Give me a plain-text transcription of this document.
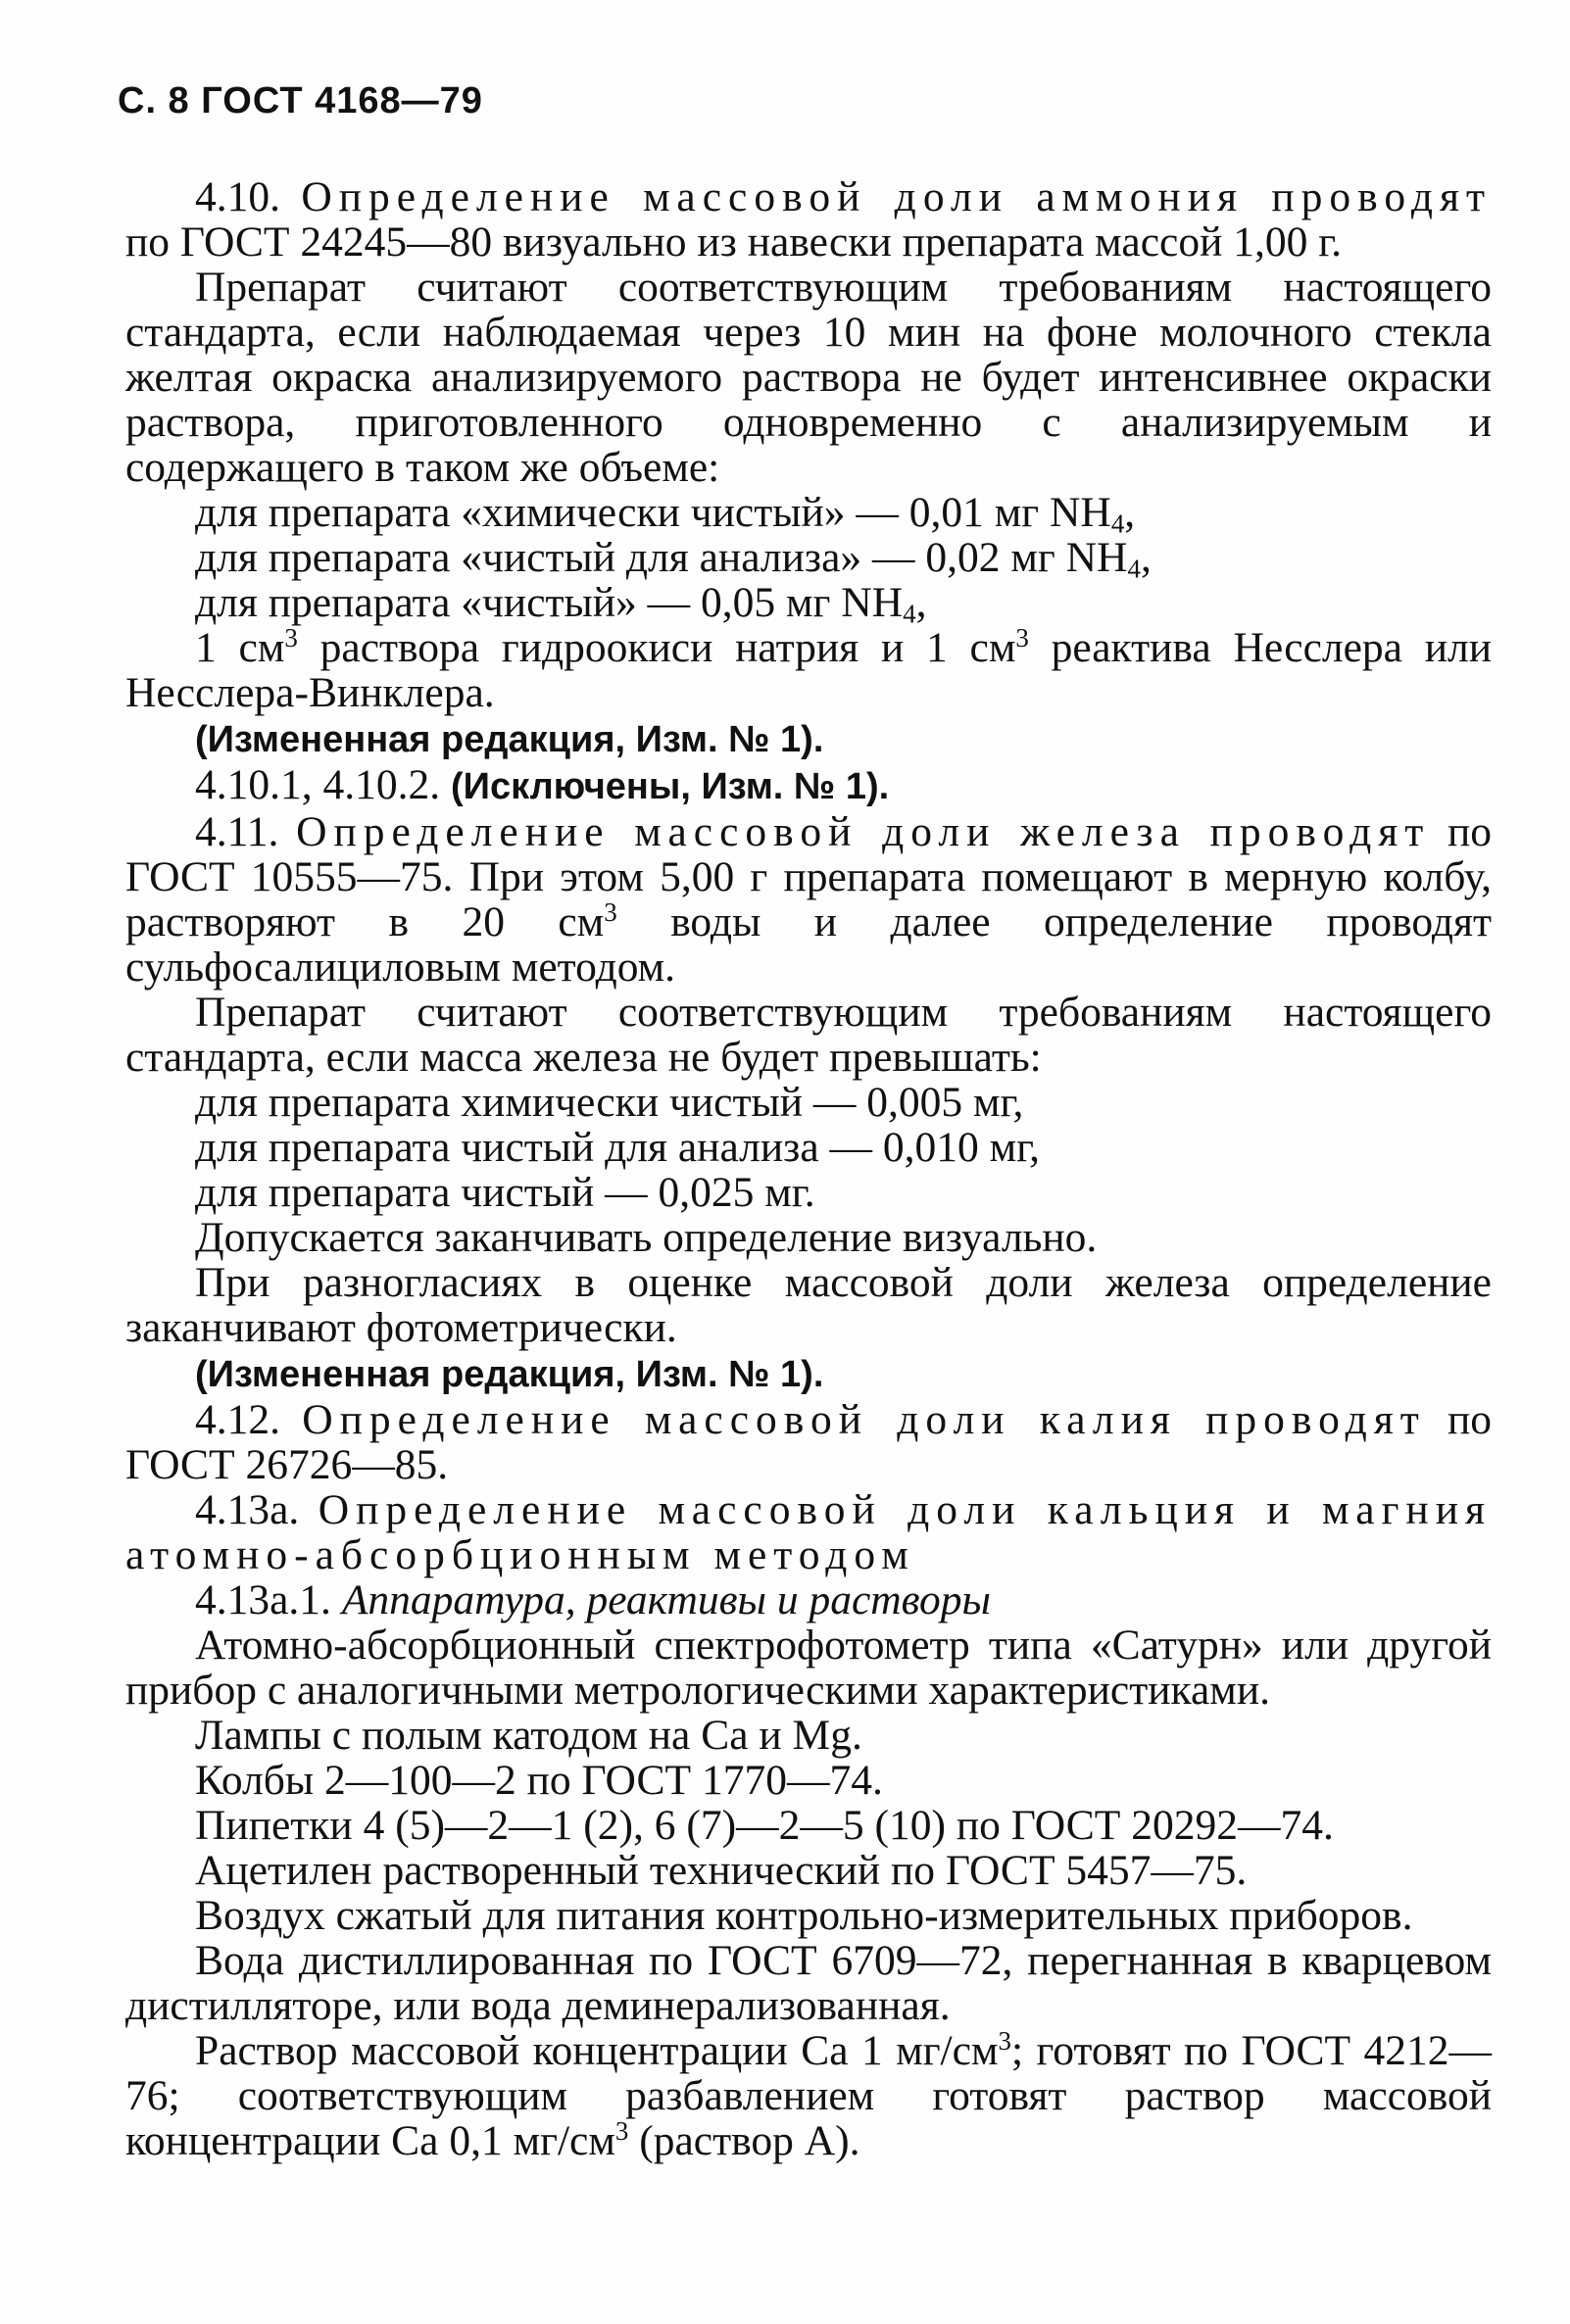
С. 8 ГОСТ 4168—79

4.10. Определение массовой доли аммония проводят по ГОСТ 24245—80 визуально из навески препарата массой 1,00 г.

Препарат считают соответствующим требованиям настоящего стандарта, если наблюдаемая через 10 мин на фоне молочного стекла желтая окраска анализируемого раствора не будет интенсивнее окраски раствора, приготовленного одновременно с анализируемым и содержащего в таком же объеме:

для препарата «химически чистый» — 0,01 мг $NH_4$,

для препарата «чистый для анализа» — 0,02 мг $NH_4$,

для препарата «чистый» — 0,05 мг $NH_4$,

1 $см^3$ раствора гидроокиси натрия и 1 $см^3$ реактива Несслера или Несслера-Винклера.

(Измененная редакция, Изм. № 1).

4.10.1, 4.10.2. (Исключены, Изм. № 1).

4.11. Определение массовой доли железа проводят по ГОСТ 10555—75. При этом 5,00 г препарата помещают в мерную колбу, растворяют в 20 $см^3$ воды и далее определение проводят сульфосалициловым методом.

Препарат считают соответствующим требованиям настоящего стандарта, если масса железа не будет превышать:

для препарата химически чистый — 0,005 мг,

для препарата чистый для анализа — 0,010 мг,

для препарата чистый — 0,025 мг.

Допускается заканчивать определение визуально.

При разногласиях в оценке массовой доли железа определение заканчивают фотометрически.

(Измененная редакция, Изм. № 1).

4.12. Определение массовой доли калия проводят по ГОСТ 26726—85.

4.13а. Определение массовой доли кальция и магния атомно-абсорбционным методом

4.13а.1. Аппаратура, реактивы и растворы

Атомно-абсорбционный спектрофотометр типа «Сатурн» или другой прибор с аналогичными метрологическими характеристиками.

Лампы с полым катодом на Са и Mg.

Колбы 2—100—2 по ГОСТ 1770—74.

Пипетки 4 (5)—2—1 (2), 6 (7)—2—5 (10) по ГОСТ 20292—74.

Ацетилен растворенный технический по ГОСТ 5457—75.

Воздух сжатый для питания контрольно-измерительных приборов.

Вода дистиллированная по ГОСТ 6709—72, перегнанная в кварцевом дистилляторе, или вода деминерализованная.

Раствор массовой концентрации Са 1 $мг/см^3$; готовят по ГОСТ 4212—76; соответствующим разбавлением готовят раствор массовой концентрации Са 0,1 $мг/см^3$ (раствор А).
